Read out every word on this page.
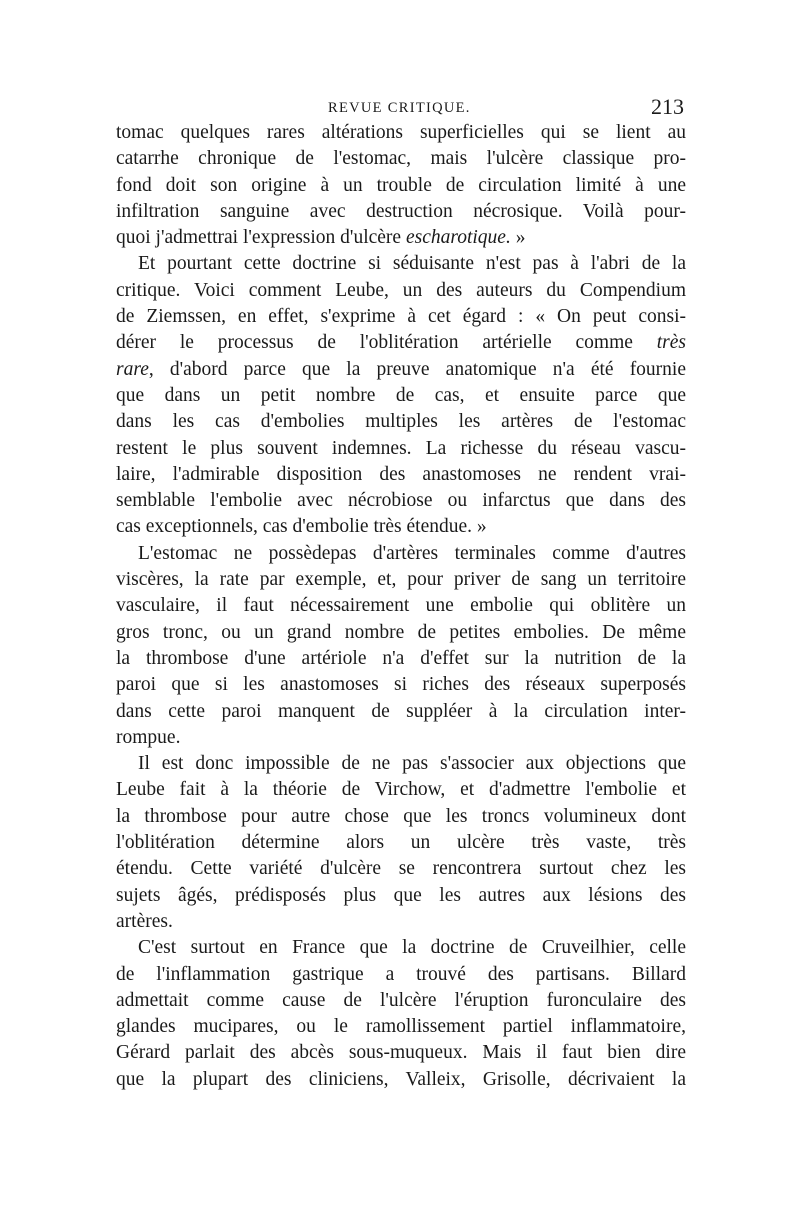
REVUE CRITIQUE.	213
tomac quelques rares altérations superficielles qui se lient au
catarrhe chronique de l'estomac, mais l'ulcère classique pro-
fond doit son origine à un trouble de circulation limité à une
infiltration sanguine avec destruction nécrosique. Voilà pour-
quoi j'admettrai l'expression d'ulcère escharotique. »
Et pourtant cette doctrine si séduisante n'est pas à l'abri de la
critique. Voici comment Leube, un des auteurs du Compendium
de Ziemssen, en effet, s'exprime à cet égard : « On peut consi-
dérer le processus de l'oblitération artérielle comme très
rare, d'abord parce que la preuve anatomique n'a été fournie
que dans un petit nombre de cas, et ensuite parce que
dans les cas d'embolies multiples les artères de l'estomac
restent le plus souvent indemnes. La richesse du réseau vascu-
laire, l'admirable disposition des anastomoses ne rendent vrai-
semblable l'embolie avec nécrobiose ou infarctus que dans des
cas exceptionnels, cas d'embolie très étendue. »
L'estomac ne possèdepas d'artères terminales comme d'autres
viscères, la rate par exemple, et, pour priver de sang un territoire
vasculaire, il faut nécessairement une embolie qui oblitère un
gros tronc, ou un grand nombre de petites embolies. De même
la thrombose d'une artériole n'a d'effet sur la nutrition de la
paroi que si les anastomoses si riches des réseaux superposés
dans cette paroi manquent de suppléer à la circulation inter-
rompue.
Il est donc impossible de ne pas s'associer aux objections que
Leube fait à la théorie de Virchow, et d'admettre l'embolie et
la thrombose pour autre chose que les troncs volumineux dont
l'oblitération détermine alors un ulcère très vaste, très
étendu. Cette variété d'ulcère se rencontrera surtout chez les
sujets âgés, prédisposés plus que les autres aux lésions des
artères.
C'est surtout en France que la doctrine de Cruveilhier, celle
de l'inflammation gastrique a trouvé des partisans. Billard
admettait comme cause de l'ulcère l'éruption furonculaire des
glandes mucipares, ou le ramollissement partiel inflammatoire,
Gérard parlait des abcès sous-muqueux. Mais il faut bien dire
que la plupart des cliniciens, Valleix, Grisolle, décrivaient la
